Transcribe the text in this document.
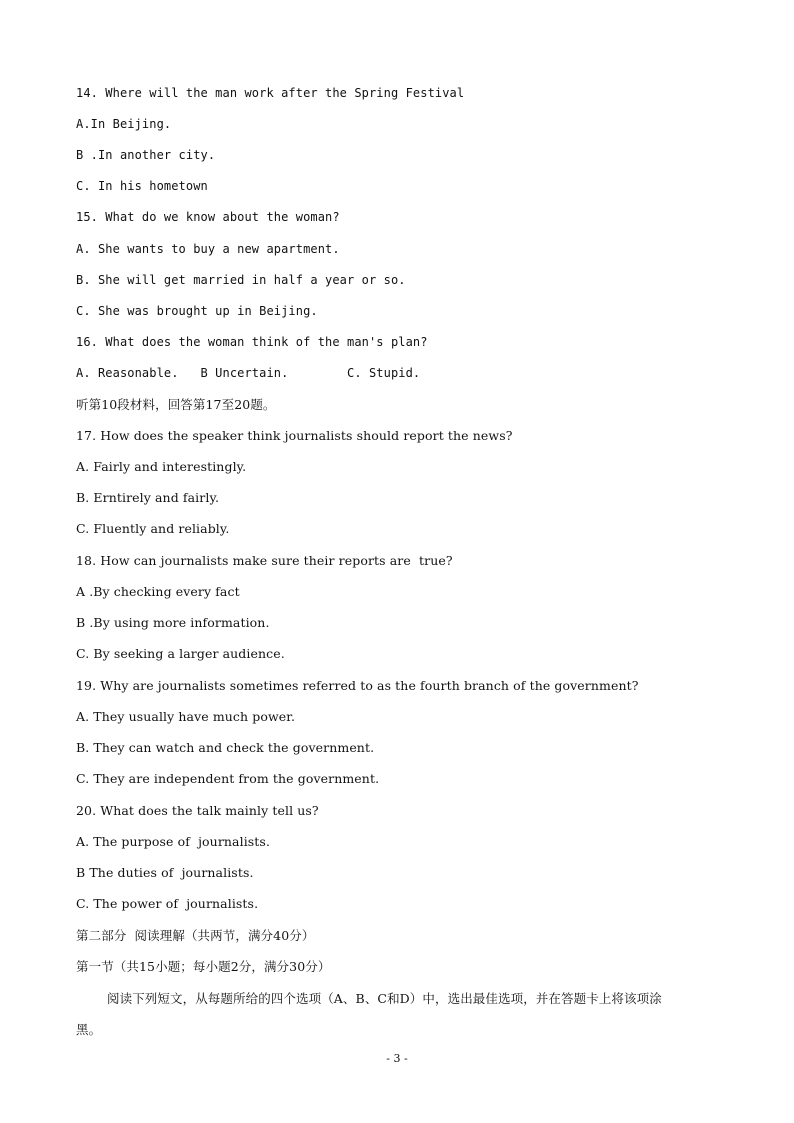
14. Where will the man work after the Spring Festival
A.In Beijing.
B .In another city.
C. In his hometown
15. What do we know about the woman?
A. She wants to buy a new apartment.
B. She will get married in half a year or so.
C. She was brought up in Beijing.
16. What does the woman think of the man's plan?
A. Reasonable.   B Uncertain.        C. Stupid.
听第10段材料，回答第17至20题。
17. How does the speaker think journalists should report the news?
A. Fairly and interestingly.
B. Erntirely and fairly.
C. Fluently and reliably.
18. How can journalists make sure their reports are  true?
A .By checking every fact
B .By using more information.
C. By seeking a larger audience.
19. Why are journalists sometimes referred to as the fourth branch of the government?
A. They usually have much power.
B. They can watch and check the government.
C. They are independent from the government.
20. What does the talk mainly tell us?
A. The purpose of  journalists.
B The duties of  journalists.
C. The power of  journalists.
第二部分  阅读理解（共两节，满分40分）
第一节（共15小题；每小题2分，满分30分）
阅读下列短文，从每题所给的四个选项（A、B、C和D）中，选出最佳选项，并在答题卡上将该项涂
黑。
- 3 -
